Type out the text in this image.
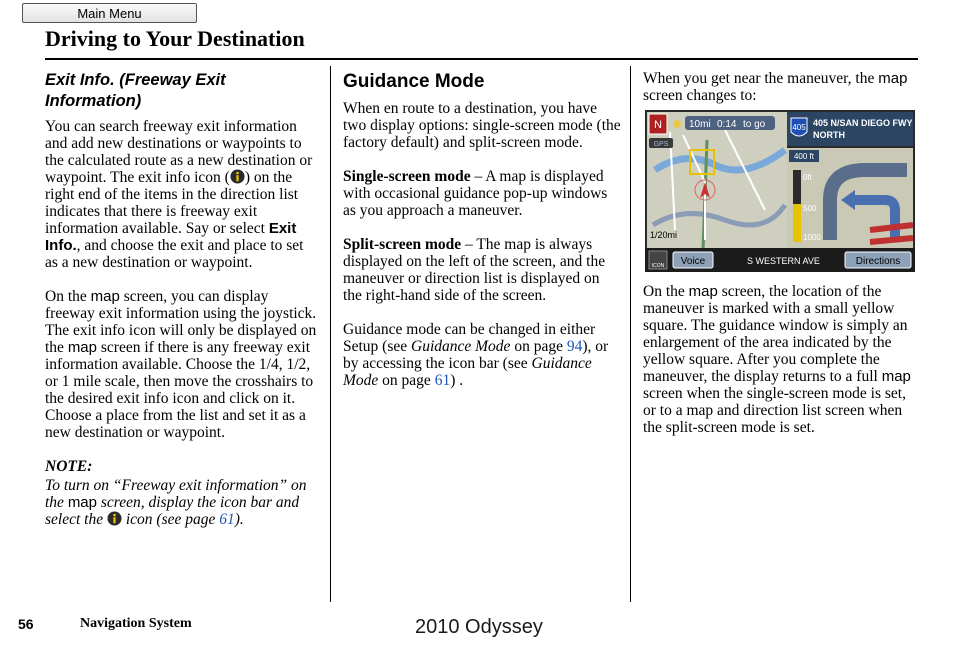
Main Menu
Driving to Your Destination
Exit Info. (Freeway Exit Information)

You can search freeway exit information and add new destinations or waypoints to the calculated route as a new destination or waypoint. The exit info icon ( ) on the right end of the items in the direction list indicates that there is freeway exit information available. Say or select Exit Info., and choose the exit and place to set as a new destination or waypoint.

On the map screen, you can display freeway exit information using the joystick. The exit info icon will only be displayed on the map screen if there is any freeway exit information available. Choose the 1/4, 1/2, or 1 mile scale, then move the crosshairs to the desired exit info icon and click on it. Choose a place from the list and set it as a new destination or waypoint.

NOTE:
To turn on “Freeway exit information” on the map screen, display the icon bar and select the  icon (see page 61).
Guidance Mode

When en route to a destination, you have two display options: single-screen mode (the factory default) and split-screen mode.

Single-screen mode – A map is displayed with occasional guidance pop-up windows as you approach a maneuver.

Split-screen mode – The map is always displayed on the left of the screen, and the maneuver or direction list is displayed on the right-hand side of the screen.

Guidance mode can be changed in either Setup (see Guidance Mode on page 94), or by accessing the icon bar (see Guidance Mode on page 61) .

When you get near the maneuver, the map screen changes to:

N	10mi 0:14 to go
GPS
1/20mi
405 405 N/SAN DIEGO FWY
NORTH
400 ft
0ft
500
1000
ICON Voice	S WESTERN AVE	Directions

On the map screen, the location of the maneuver is marked with a small yellow square. The guidance window is simply an enlargement of the area indicated by the yellow square. After you complete the maneuver, the display returns to a full map screen when the single-screen mode is set, or to a map and direction list screen when the split-screen mode is set.

56	Navigation System	2010 Odyssey
